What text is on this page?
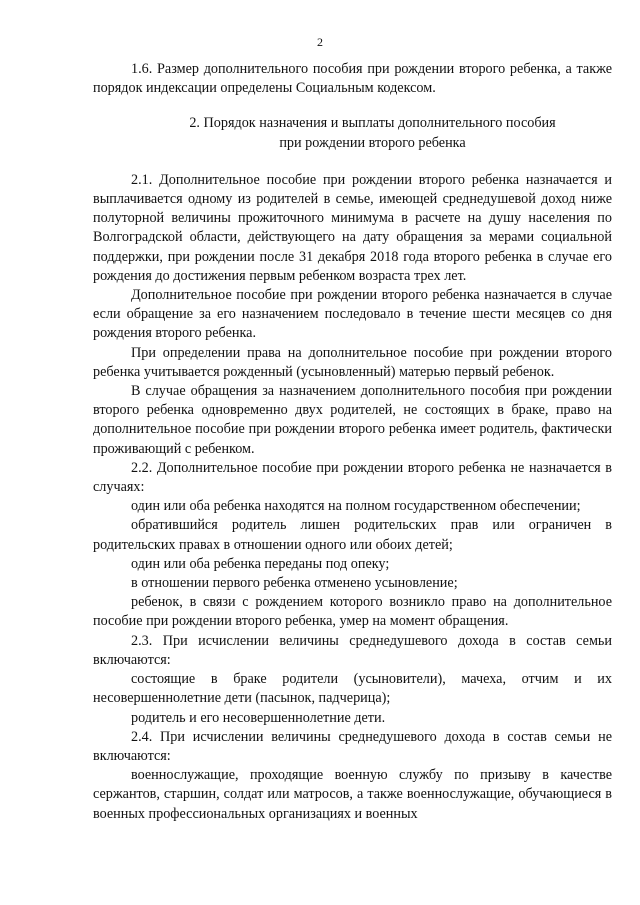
2

1.6. Размер дополнительного пособия при рождении второго ребенка, а также порядок индексации определены Социальным кодексом.

2. Порядок назначения и выплаты дополнительного пособия
при рождении второго ребенка

2.1. Дополнительное пособие при рождении второго ребенка назначается и выплачивается одному из родителей в семье, имеющей среднедушевой доход ниже полуторной величины прожиточного минимума в расчете на душу населения по Волгоградской области, действующего на дату обращения за мерами социальной поддержки, при рождении после 31 декабря 2018 года второго ребенка в случае его рождения до достижения первым ребенком возраста трех лет.

Дополнительное пособие при рождении второго ребенка назначается в случае если обращение за его назначением последовало в течение шести месяцев со дня рождения второго ребенка.

При определении права на дополнительное пособие при рождении второго ребенка учитывается рожденный (усыновленный) матерью первый ребенок.

В случае обращения за назначением дополнительного пособия при рождении второго ребенка одновременно двух родителей, не состоящих в браке, право на дополнительное пособие при рождении второго ребенка имеет родитель, фактически проживающий с ребенком.

2.2. Дополнительное пособие при рождении второго ребенка не назначается в случаях:

один или оба ребенка находятся на полном государственном обеспечении;

обратившийся родитель лишен родительских прав или ограничен в родительских правах в отношении одного или обоих детей;

один или оба ребенка переданы под опеку;

в отношении первого ребенка отменено усыновление;

ребенок, в связи с рождением которого возникло право на дополнительное пособие при рождении второго ребенка, умер на момент обращения.

2.3. При исчислении величины среднедушевого дохода в состав семьи включаются:

состоящие в браке родители (усыновители), мачеха, отчим и их несовершеннолетние дети (пасынок, падчерица);

родитель и его несовершеннолетние дети.

2.4. При исчислении величины среднедушевого дохода в состав семьи не включаются:

военнослужащие, проходящие военную службу по призыву в качестве сержантов, старшин, солдат или матросов, а также военнослужащие, обучающиеся в военных профессиональных организациях и военных
